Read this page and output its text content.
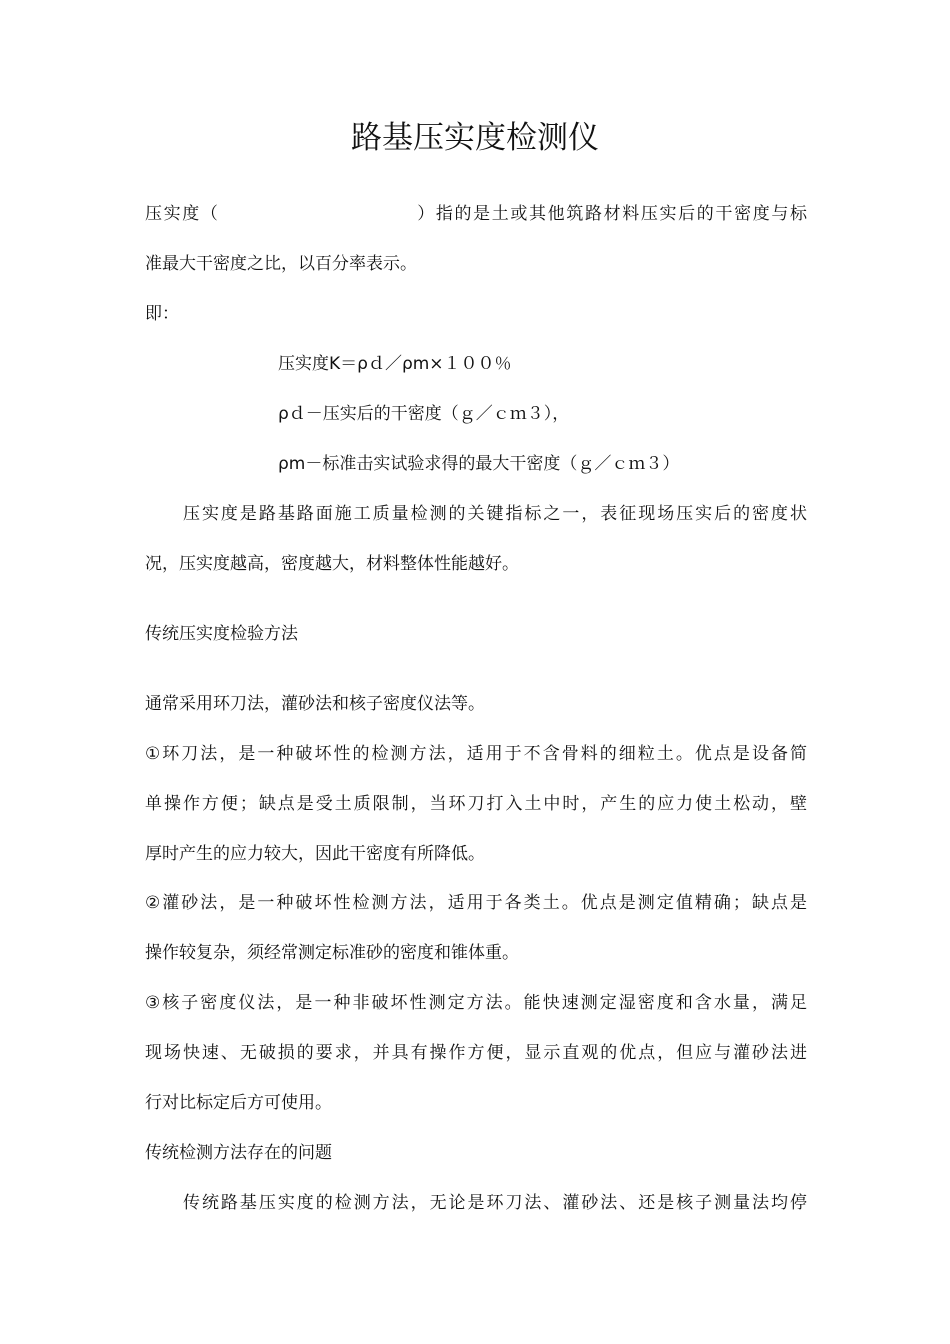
路基压实度检测仪
压实度（	）指的是土或其他筑路材料压实后的干密度与标
准最大干密度之比，以百分率表示。
即：
压实度K＝ρｄ／ρm×１００％
ρｄ－压实后的干密度（ｇ／ｃｍ３），
ρm－标准击实试验求得的最大干密度（ｇ／ｃｍ３）
压实度是路基路面施工质量检测的关键指标之一，表征现场压实后的密度状
况，压实度越高，密度越大，材料整体性能越好。
传统压实度检验方法
通常采用环刀法，灌砂法和核子密度仪法等。
①环刀法，是一种破坏性的检测方法，适用于不含骨料的细粒土。优点是设备简
单操作方便；缺点是受土质限制，当环刀打入土中时，产生的应力使土松动，壁
厚时产生的应力较大，因此干密度有所降低。
②灌砂法，是一种破坏性检测方法，适用于各类土。优点是测定值精确；缺点是
操作较复杂，须经常测定标准砂的密度和锥体重。
③核子密度仪法，是一种非破坏性测定方法。能快速测定湿密度和含水量，满足
现场快速、无破损的要求，并具有操作方便，显示直观的优点，但应与灌砂法进
行对比标定后方可使用。
传统检测方法存在的问题
传统路基压实度的检测方法，无论是环刀法、灌砂法、还是核子测量法均停
